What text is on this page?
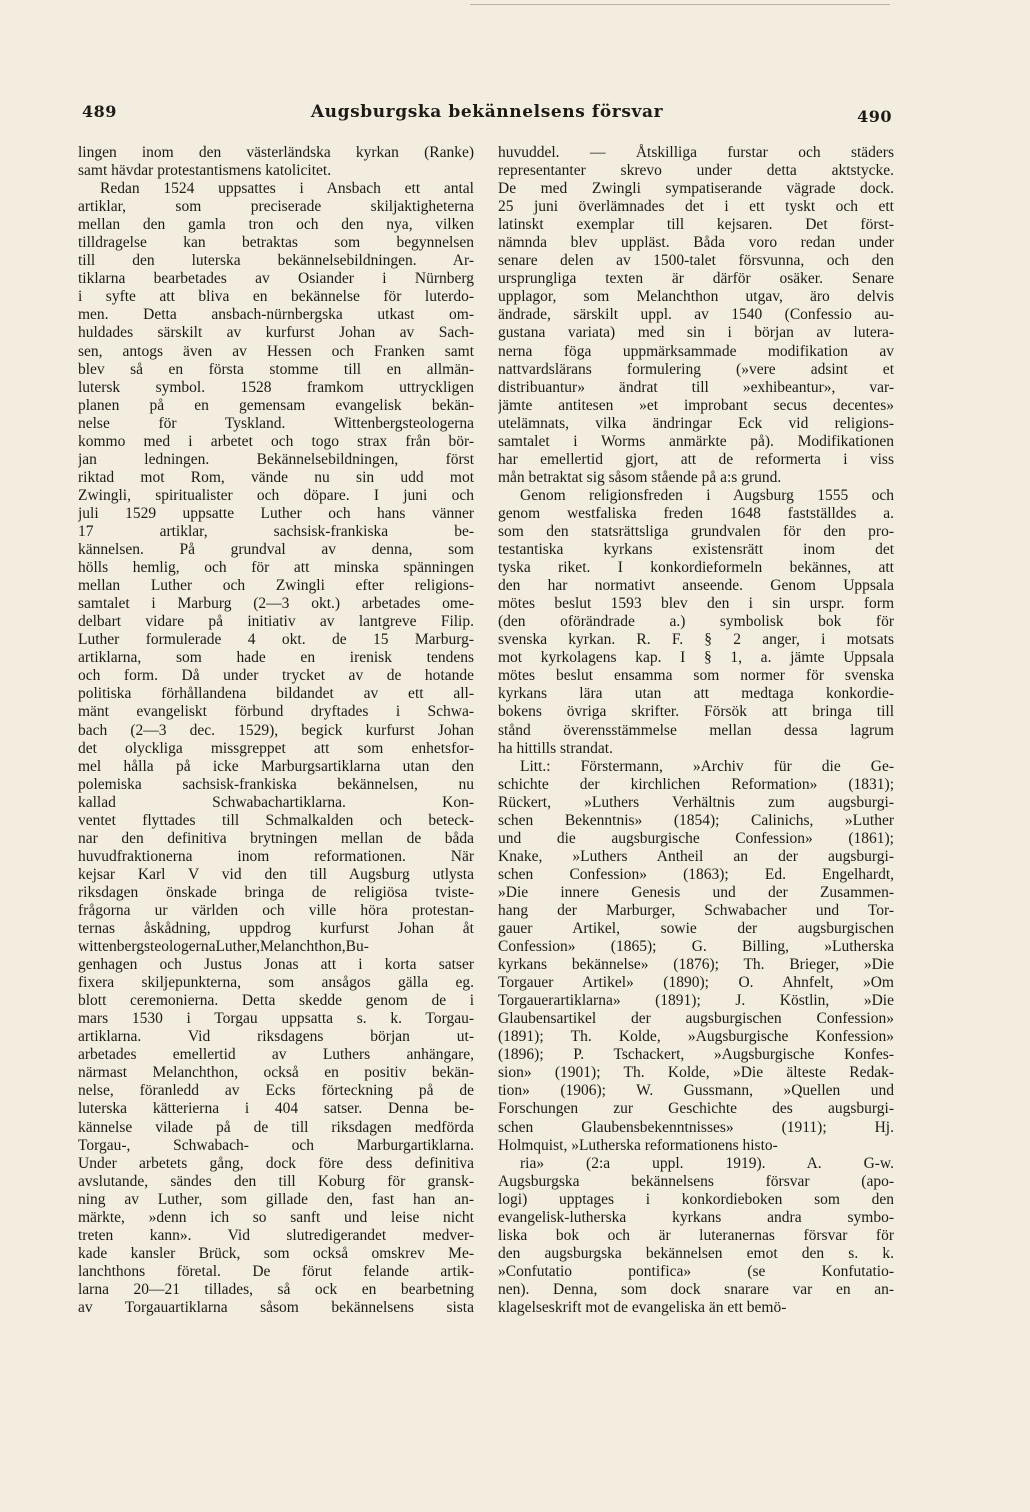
489	Augsburgska bekännelsens försvar	490
lingen inom den västerländska kyrkan (Ranke)
samt hävdar protestantismens katolicitet.
Redan 1524 uppsattes i Ansbach ett antal
artiklar, som preciserade skiljaktigheterna
mellan den gamla tron och den nya, vilken
tilldragelse kan betraktas som begynnelsen
till den luterska bekännelsebildningen. Ar-
tiklarna bearbetades av Osiander i Nürnberg
i syfte att bliva en bekännelse för luterdo-
men. Detta ansbach-nürnbergska utkast om-
huldades särskilt av kurfurst Johan av Sach-
sen, antogs även av Hessen och Franken samt
blev så en första stomme till en allmän-
lutersk symbol. 1528 framkom uttryckligen
planen på en gemensam evangelisk bekän-
nelse för Tyskland. Wittenbergsteologerna
kommo med i arbetet och togo strax från bör-
jan ledningen. Bekännelsebildningen, först
riktad mot Rom, vände nu sin udd mot
Zwingli, spiritualister och döpare. I juni och
juli 1529 uppsatte Luther och hans vänner
17 artiklar, sachsisk-frankiska be-
kännelsen. På grundval av denna, som
hölls hemlig, och för att minska spänningen
mellan Luther och Zwingli efter religions-
samtalet i Marburg (2—3 okt.) arbetades ome-
delbart vidare på initiativ av lantgreve Filip.
Luther formulerade 4 okt. de 15 Marburg-
artiklarna, som hade en irenisk tendens
och form. Då under trycket av de hotande
politiska förhållandena bildandet av ett all-
mänt evangeliskt förbund dryftades i Schwa-
bach (2—3 dec. 1529), begick kurfurst Johan
det olyckliga missgreppet att som enhetsfor-
mel hålla på icke Marburgsartiklarna utan den
polemiska sachsisk-frankiska bekännelsen, nu
kallad Schwabachartiklarna. Kon-
ventet flyttades till Schmalkalden och beteck-
nar den definitiva brytningen mellan de båda
huvudfraktionerna inom reformationen. När
kejsar Karl V vid den till Augsburg utlysta
riksdagen önskade bringa de religiösa tviste-
frågorna ur världen och ville höra protestan-
ternas åskådning, uppdrog kurfurst Johan åt
wittenbergsteologernaLuther,Melanchthon,Bu-
genhagen och Justus Jonas att i korta satser
fixera skiljepunkterna, som ansågos gälla eg.
blott ceremonierna. Detta skedde genom de i
mars 1530 i Torgau uppsatta s. k. Torgau-
artiklarna. Vid riksdagens början ut-
arbetades emellertid av Luthers anhängare,
närmast Melanchthon, också en positiv bekän-
nelse, föranledd av Ecks förteckning på de
luterska kätterierna i 404 satser. Denna be-
kännelse vilade på de till riksdagen medförda
Torgau-, Schwabach- och Marburgartiklarna.
Under arbetets gång, dock före dess definitiva
avslutande, sändes den till Koburg för gransk-
ning av Luther, som gillade den, fast han an-
märkte, »denn ich so sanft und leise nicht
treten kann». Vid slutredigerandet medver-
kade kansler Brück, som också omskrev Me-
lanchthons företal. De förut felande artik-
larna 20—21 tillades, så ock en bearbetning
av Torgauartiklarna såsom bekännelsens sista
huvuddel. — Åtskilliga furstar och städers
representanter skrevo under detta aktstycke.
De med Zwingli sympatiserande vägrade dock.
25 juni överlämnades det i ett tyskt och ett
latinskt exemplar till kejsaren. Det först-
nämnda blev uppläst. Båda voro redan under
senare delen av 1500-talet försvunna, och den
ursprungliga texten är därför osäker. Senare
upplagor, som Melanchthon utgav, äro delvis
ändrade, särskilt uppl. av 1540 (Confessio au-
gustana variata) med sin i början av lutera-
nerna föga uppmärksammade modifikation av
nattvardslärans formulering (»vere adsint et
distribuantur» ändrat till »exhibeantur», var-
jämte antitesen »et improbant secus decentes»
utelämnats, vilka ändringar Eck vid religions-
samtalet i Worms anmärkte på). Modifikationen
har emellertid gjort, att de reformerta i viss
mån betraktat sig såsom stående på a:s grund.
Genom religionsfreden i Augsburg 1555 och
genom westfaliska freden 1648 fastställdes a.
som den statsrättsliga grundvalen för den pro-
testantiska kyrkans existensrätt inom det
tyska riket. I konkordieformeln bekännes, att
den har normativt anseende. Genom Uppsala
mötes beslut 1593 blev den i sin urspr. form
(den oförändrade a.) symbolisk bok för
svenska kyrkan. R. F. § 2 anger, i motsats
mot kyrkolagens kap. I § 1, a. jämte Uppsala
mötes beslut ensamma som normer för svenska
kyrkans lära utan att medtaga konkordie-
bokens övriga skrifter. Försök att bringa till
stånd överensstämmelse mellan dessa lagrum
ha hittills strandat.
Litt.: Förstermann, »Archiv für die Ge-
schichte der kirchlichen Reformation» (1831);
Rückert, »Luthers Verhältnis zum augsburgi-
schen Bekenntnis» (1854); Calinichs, »Luther
und die augsburgische Confession» (1861);
Knake, »Luthers Antheil an der augsburgi-
schen Confession» (1863); Ed. Engelhardt,
»Die innere Genesis und der Zusammen-
hang der Marburger, Schwabacher und Tor-
gauer Artikel, sowie der augsburgischen
Confession» (1865); G. Billing, »Lutherska
kyrkans bekännelse» (1876); Th. Brieger, »Die
Torgauer Artikel» (1890); O. Ahnfelt, »Om
Torgauerartiklarna» (1891); J. Köstlin, »Die
Glaubensartikel der augsburgischen Confession»
(1891); Th. Kolde, »Augsburgische Konfession»
(1896); P. Tschackert, »Augsburgische Konfes-
sion» (1901); Th. Kolde, »Die älteste Redak-
tion» (1906); W. Gussmann, »Quellen und
Forschungen zur Geschichte des augsburgi-
schen Glaubensbekenntnisses» (1911); Hj.
Holmquist, »Lutherska reformationens histo-
ria» (2:a uppl. 1919). A. G-w.
Augsburgska bekännelsens försvar (apo-
logi) upptages i konkordieboken som den
evangelisk-lutherska kyrkans andra symbo-
liska bok och är luteranernas försvar för
den augsburgska bekännelsen emot den s. k.
»Confutatio pontifica» (se Konfutatio-
nen). Denna, som dock snarare var en an-
klagelseskrift mot de evangeliska än ett bemö-
